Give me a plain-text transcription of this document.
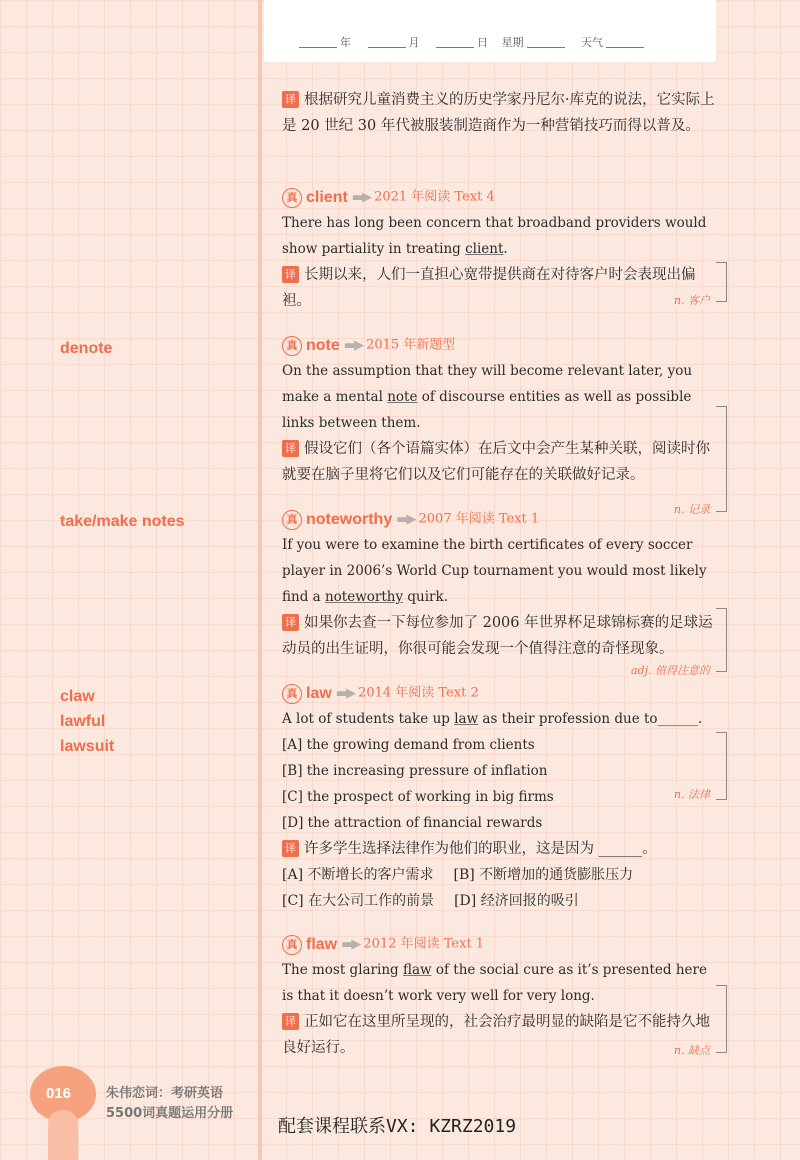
年	月	日 星期	天气
denote
take/make notes
claw
lawful
lawsuit

译 根据研究儿童消费主义的历史学家丹尼尔·库克的说法，它实际上是 20 世纪 30 年代被服装制造商作为一种营销技巧而得以普及。

真 client ▬▶ 2021 年阅读 Text 4

There has long been concern that broadband providers would show partiality in treating client.

译 长期以来，人们一直担心宽带提供商在对待客户时会表现出偏袒。	n. 客户
真 note ▬▶ 2015 年新题型

On the assumption that they will become relevant later, you make a mental note of discourse entities as well as possible links between them.

译 假设它们（各个语篇实体）在后文中会产生某种关联，阅读时你就要在脑子里将它们以及它们可能存在的关联做好记录。

n. 记录
真 noteworthy ▬▶ 2007 年阅读 Text 1

If you were to examine the birth certificates of every soccer player in 2006’s World Cup tournament you would most likely find a noteworthy quirk.

译 如果你去查一下每位参加了 2006 年世界杯足球锦标赛的足球运动员的出生证明，你很可能会发现一个值得注意的奇怪现象。

adj. 值得注意的
真 law ▬▶ 2014 年阅读 Text 2

A lot of students take up law as their profession due to______.

[A] the growing demand from clients
[B] the increasing pressure of inflation
[C] the prospect of working in big firms
[D] the attraction of financial rewards

译 许多学生选择法律作为他们的职业，这是因为 ______。

[A] 不断增长的客户需求 [B] 不断增加的通货膨胀压力
[C] 在大公司工作的前景 [D] 经济回报的吸引
n. 法律
真 flaw ▬▶ 2012 年阅读 Text 1

The most glaring flaw of the social cure as it’s presented here is that it doesn’t work very well for very long.

译 正如它在这里所呈现的，社会治疗最明显的缺陷是它不能持久地良好运行。	n. 缺点
016	朱伟恋词：考研英语
5500词真题运用分册
配套课程联系VX: KZRZ2019
